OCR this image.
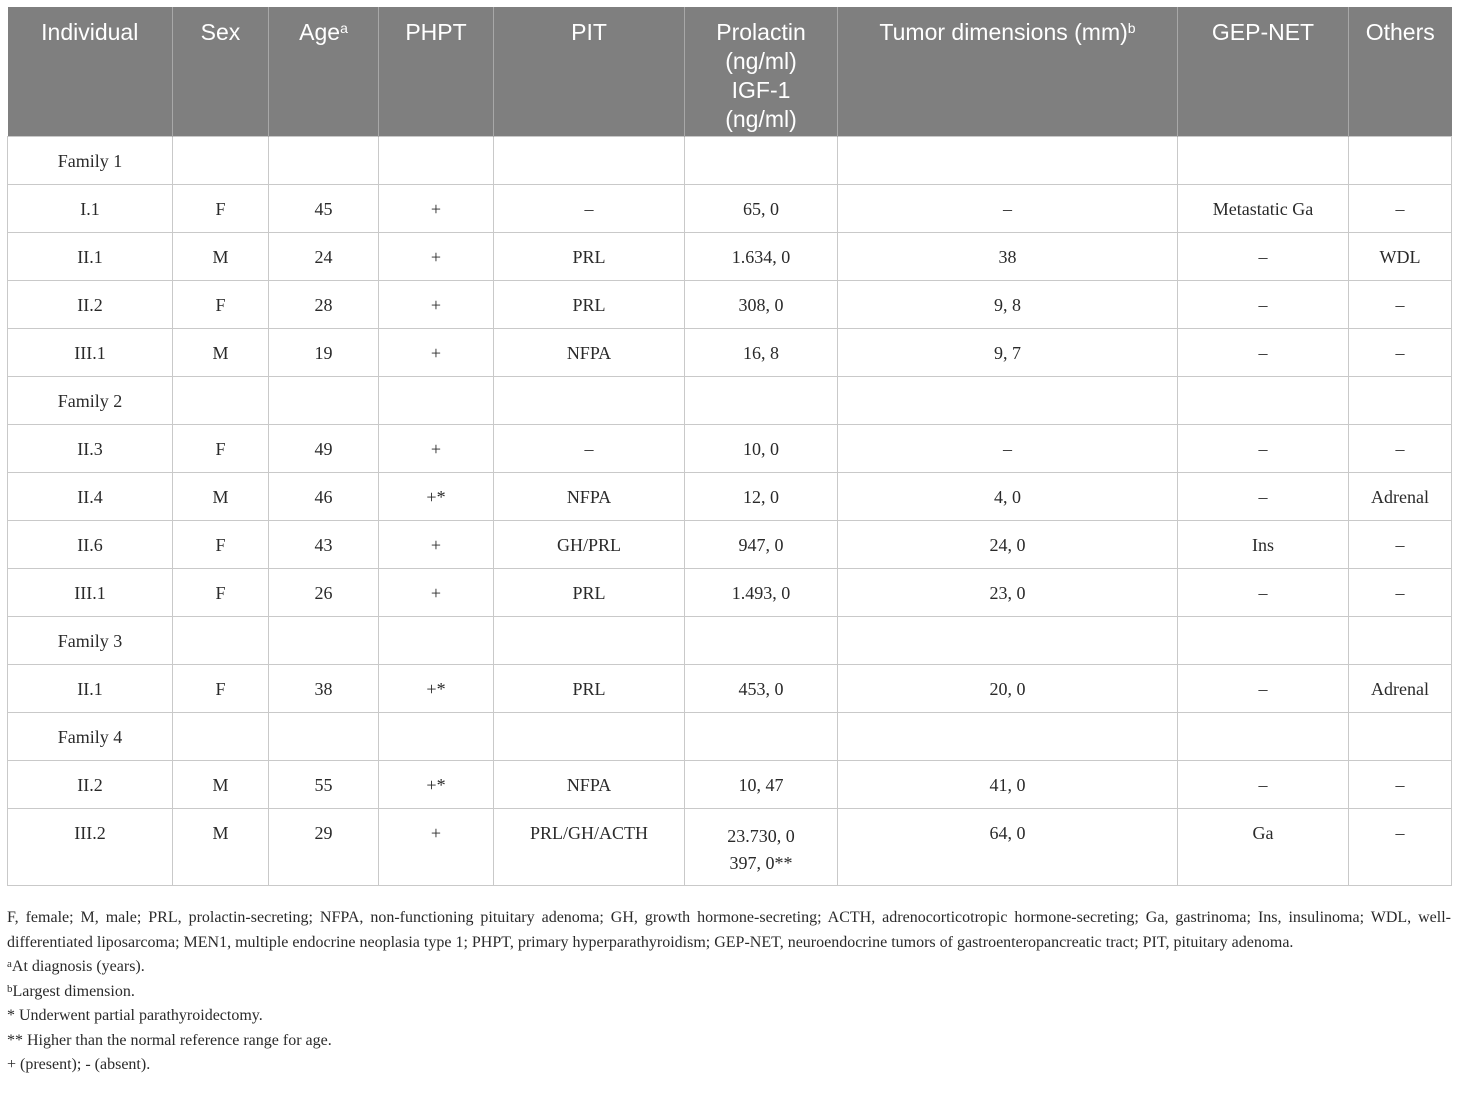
Individual	Sex	Age$^a$	PHPT	PIT	Prolactin
(ng/ml)
IGF-1
(ng/ml)	Tumor dimensions (mm)$^b$	GEP-NET	Others
Family 1								
I.1	F	45	+	–	65, 0	–	Metastatic Ga	–
II.1	M	24	+	PRL	1.634, 0	38	–	WDL
II.2	F	28	+	PRL	308, 0	9, 8	–	–
III.1	M	19	+	NFPA	16, 8	9, 7	–	–
Family 2								
II.3	F	49	+	–	10, 0	–	–	–
II.4	M	46	+*	NFPA	12, 0	4, 0	–	Adrenal
II.6	F	43	+	GH/PRL	947, 0	24, 0	Ins	–
III.1	F	26	+	PRL	1.493, 0	23, 0	–	–
Family 3								
II.1	F	38	+*	PRL	453, 0	20, 0	–	Adrenal
Family 4								
II.2	M	55	+*	NFPA	10, 47	41, 0	–	–
III.2	M	29	+	PRL/GH/ACTH	23.730, 0
397, 0**	64, 0	Ga	–

F, female; M, male; PRL, prolactin-secreting; NFPA, non-functioning pituitary adenoma; GH, growth hormone-secreting; ACTH, adrenocorticotropic hormone-secreting; Ga, gastrinoma; Ins, insulinoma; WDL, well-differentiated liposarcoma; MEN1, multiple endocrine neoplasia type 1; PHPT, primary hyperparathyroidism; GEP-NET, neuroendocrine tumors of gastroenteropancreatic tract; PIT, pituitary adenoma.

$^a$At diagnosis (years).

$^b$Largest dimension.

* Underwent partial parathyroidectomy.

** Higher than the normal reference range for age.

+ (present); - (absent).
